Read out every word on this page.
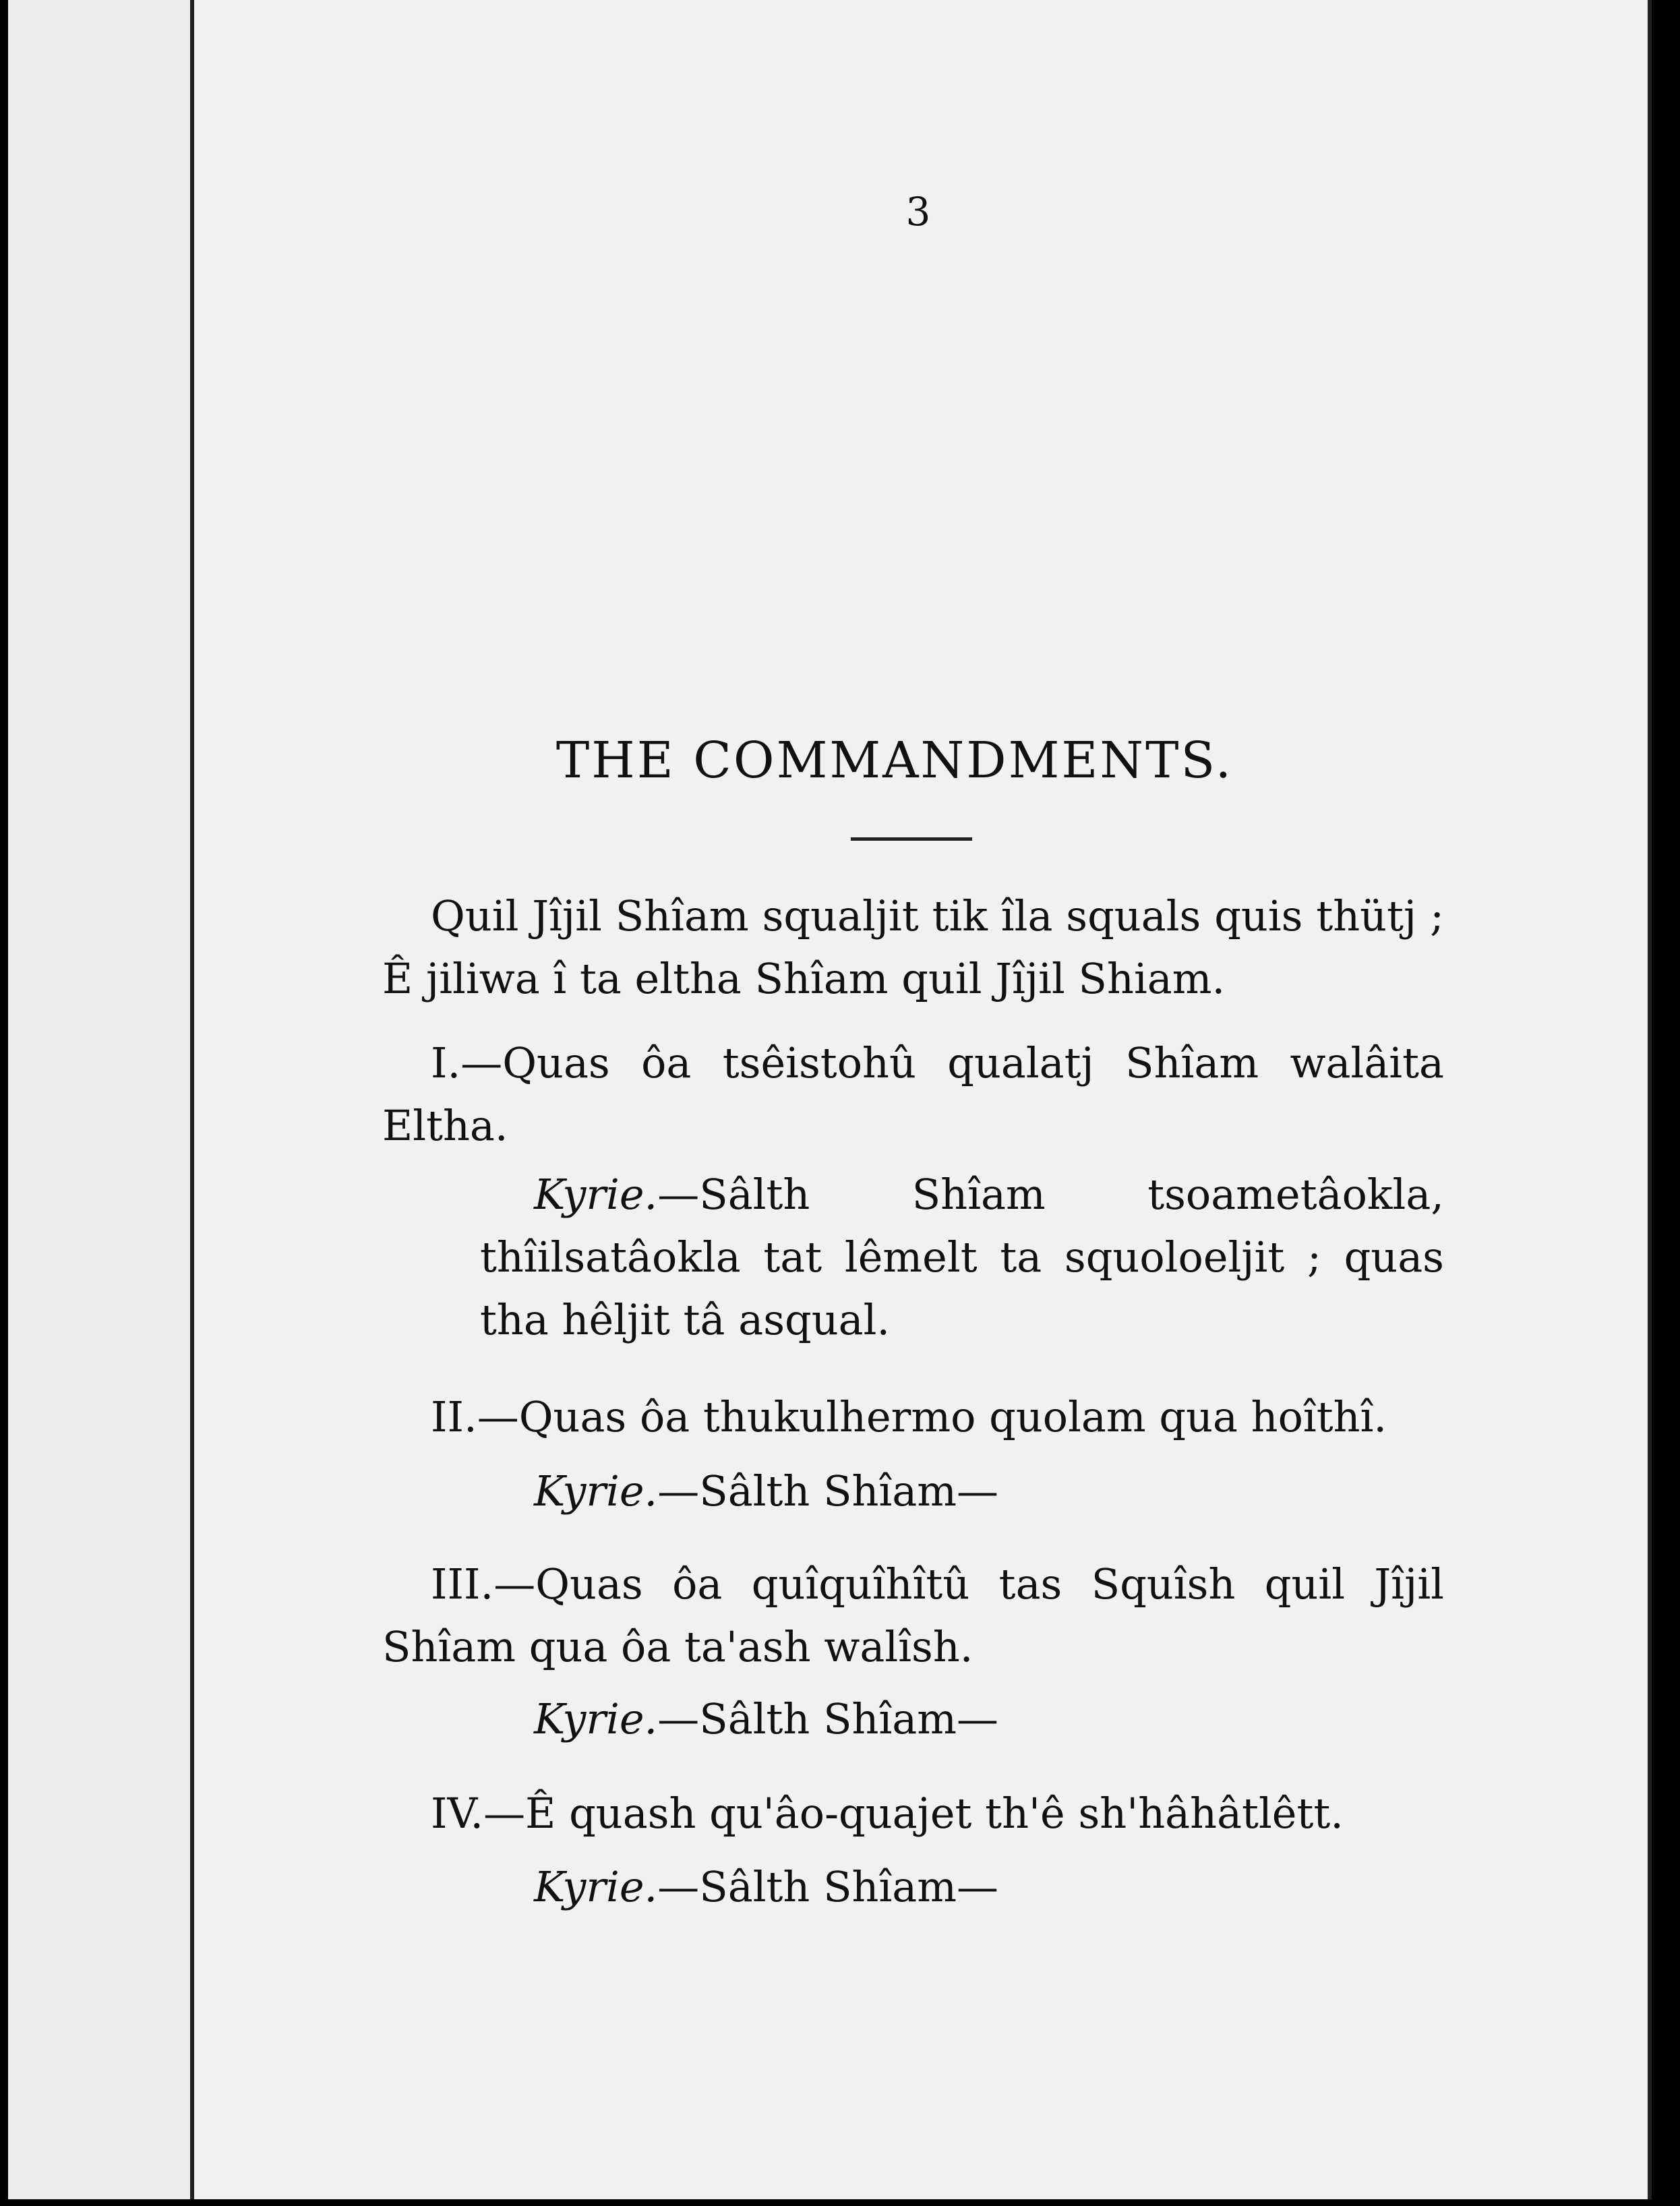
3
THE COMMANDMENTS.
Quil Jîjil Shîam squaljit tik îla squals quis thütj ; Ê jiliwa î ta eltha Shîam quil Jîjil Shiam.
I.—Quas ôa tsêistohû qualatj Shîam walâita Eltha.
Kyrie.—Sâlth Shîam tsoametâokla, thîilsatâokla tat lêmelt ta squoloeljit ; quas tha hêljit tâ asqual.
II.—Quas ôa thukulhermo quolam qua hoîthî.
Kyrie.—Sâlth Shîam—
III.—Quas ôa quîquîhîtû tas Squîsh quil Jîjil Shîam qua ôa ta'ash walîsh.
Kyrie.—Sâlth Shîam—
IV.—Ê quash qu'âo-quajet th'ê sh'hâhâtlêtt.
Kyrie.—Sâlth Shîam—
